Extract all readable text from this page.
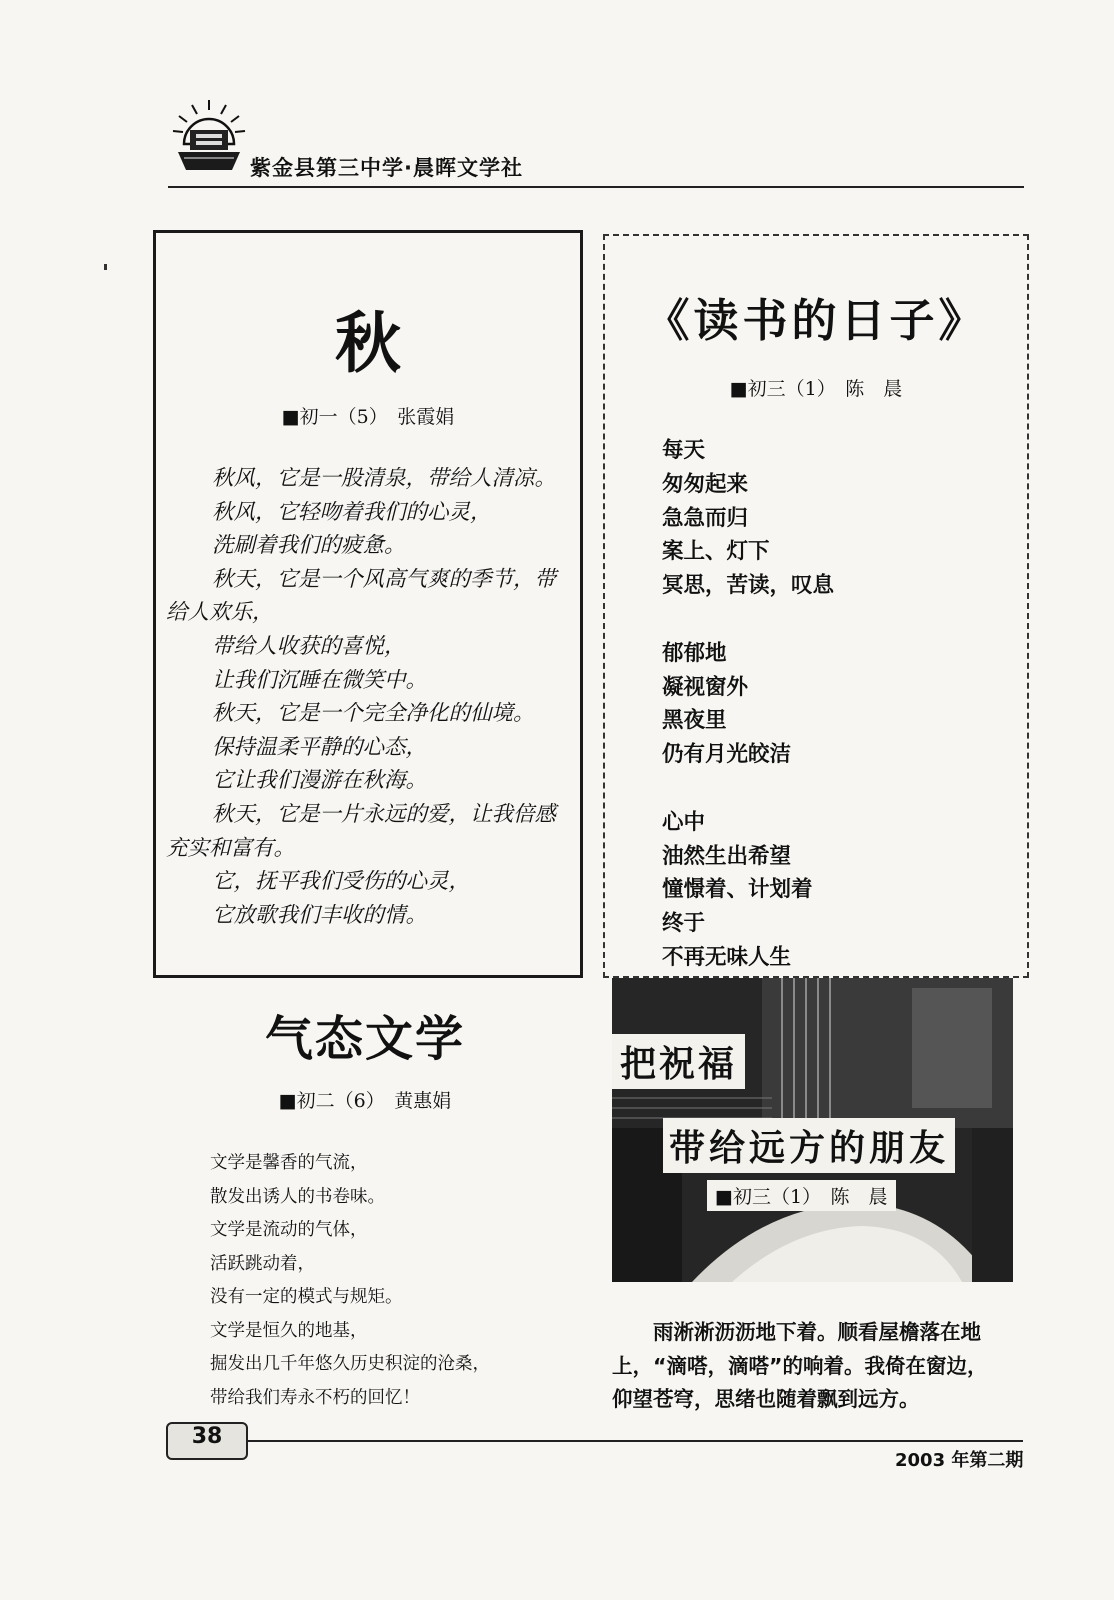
紫金县第三中学·晨晖文学社
秋
■初一（5）　张霞娟
秋风，它是一股清泉，带给人清凉。
秋风，它轻吻着我们的心灵，
洗刷着我们的疲惫。
秋天，它是一个风高气爽的季节，带
给人欢乐，
带给人收获的喜悦，
让我们沉睡在微笑中。
秋天，它是一个完全净化的仙境。
保持温柔平静的心态，
它让我们漫游在秋海。
秋天，它是一片永远的爱，让我倍感
充实和富有。
它，抚平我们受伤的心灵，
它放歌我们丰收的情。
《读书的日子》
■初三（1）　陈　晨
每天
匆匆起来
急急而归
案上、灯下
冥思，苦读，叹息
郁郁地
凝视窗外
黑夜里
仍有月光皎洁
心中
油然生出希望
憧憬着、计划着
终于
不再无味人生
气态文学
■初二（6）　黄惠娟
文学是馨香的气流，
散发出诱人的书卷味。
文学是流动的气体，
活跃跳动着，
没有一定的模式与规矩。
文学是恒久的地基，
掘发出几千年悠久历史积淀的沧桑，
带给我们寿永不朽的回忆！
把祝福
带给远方的朋友
■初三（1）　陈　晨
　　雨淅淅沥沥地下着。顺看屋檐落在地
上，“滴嗒，滴嗒”的响着。我倚在窗边，
仰望苍穹，思绪也随着飘到远方。
38
2003 年第二期
